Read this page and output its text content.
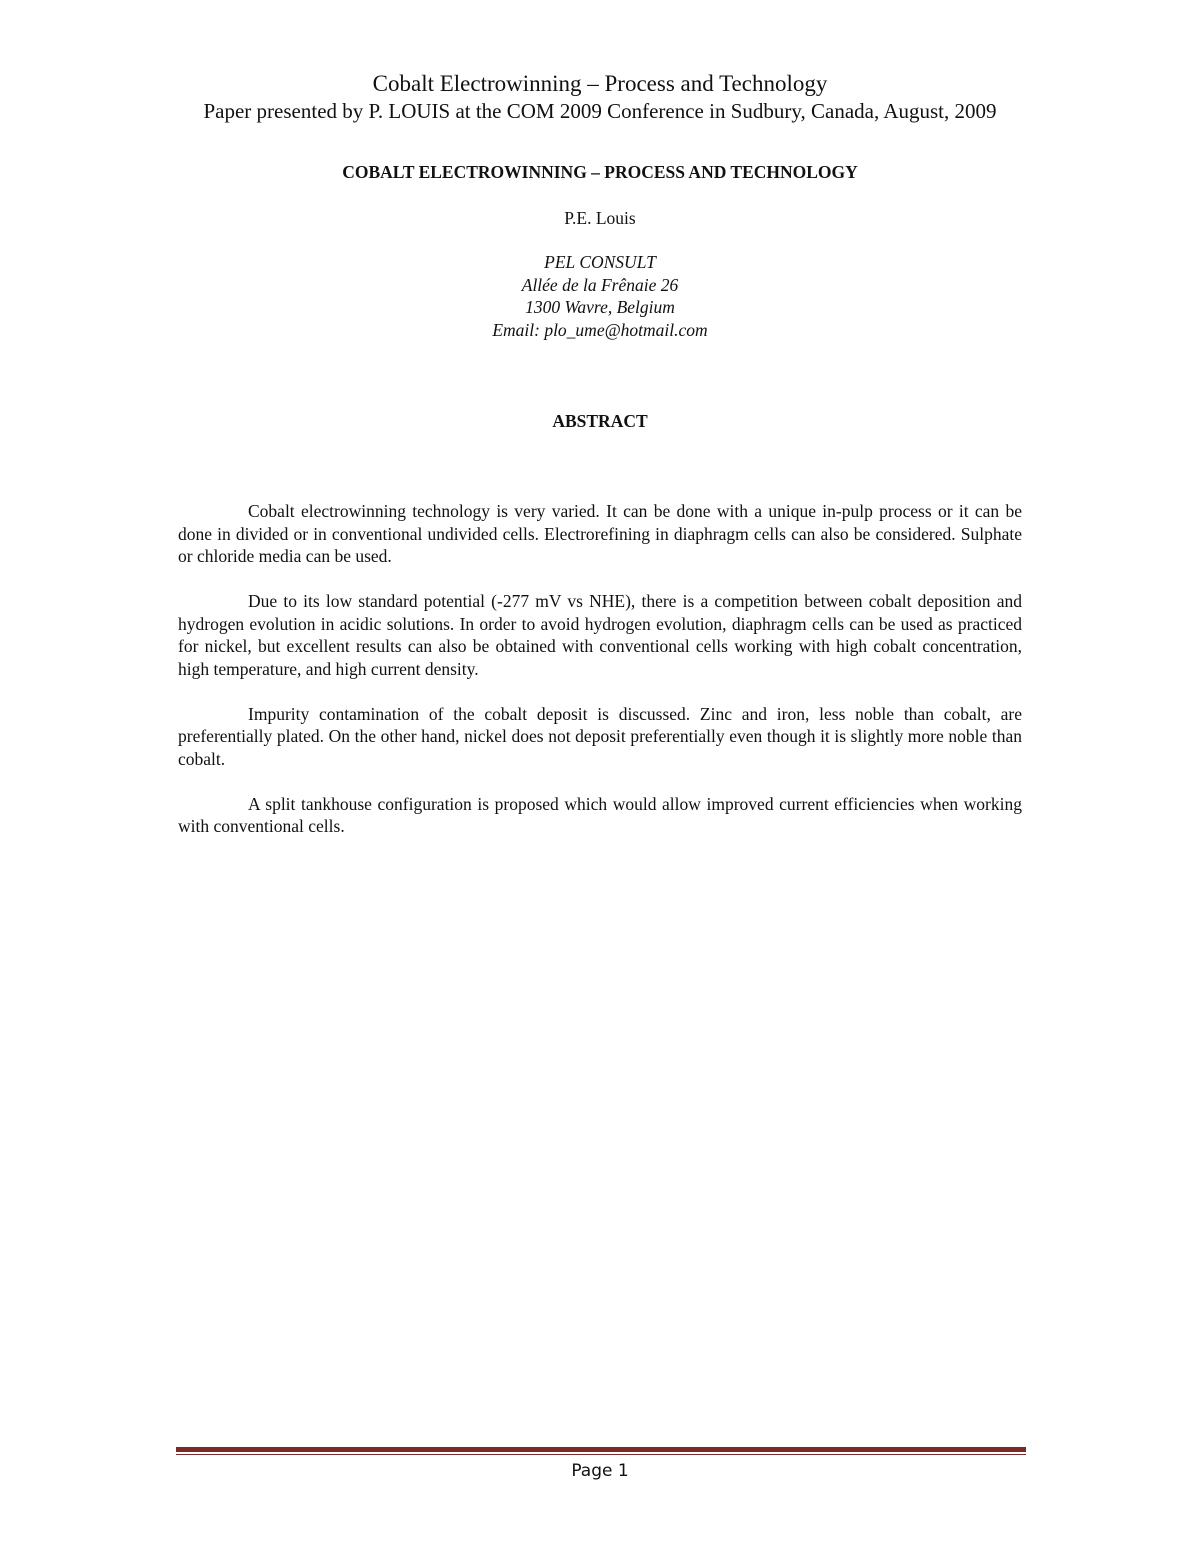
Cobalt Electrowinning – Process and Technology
Paper presented by P. LOUIS at the COM 2009 Conference in Sudbury, Canada, August, 2009
COBALT ELECTROWINNING – PROCESS AND TECHNOLOGY
P.E. Louis
PEL CONSULT
Allée de la Frênaie 26
1300 Wavre, Belgium
Email: plo_ume@hotmail.com
ABSTRACT

Cobalt electrowinning technology is very varied. It can be done with a unique in-pulp process or it can be done in divided or in conventional undivided cells. Electrorefining in diaphragm cells can also be considered. Sulphate or chloride media can be used.

Due to its low standard potential (-277 mV vs NHE), there is a competition between cobalt deposition and hydrogen evolution in acidic solutions. In order to avoid hydrogen evolution, diaphragm cells can be used as practiced for nickel, but excellent results can also be obtained with conventional cells working with high cobalt concentration, high temperature, and high current density.

Impurity contamination of the cobalt deposit is discussed. Zinc and iron, less noble than cobalt, are preferentially plated. On the other hand, nickel does not deposit preferentially even though it is slightly more noble than cobalt.

A split tankhouse configuration is proposed which would allow improved current efficiencies when working with conventional cells.

Page 1
